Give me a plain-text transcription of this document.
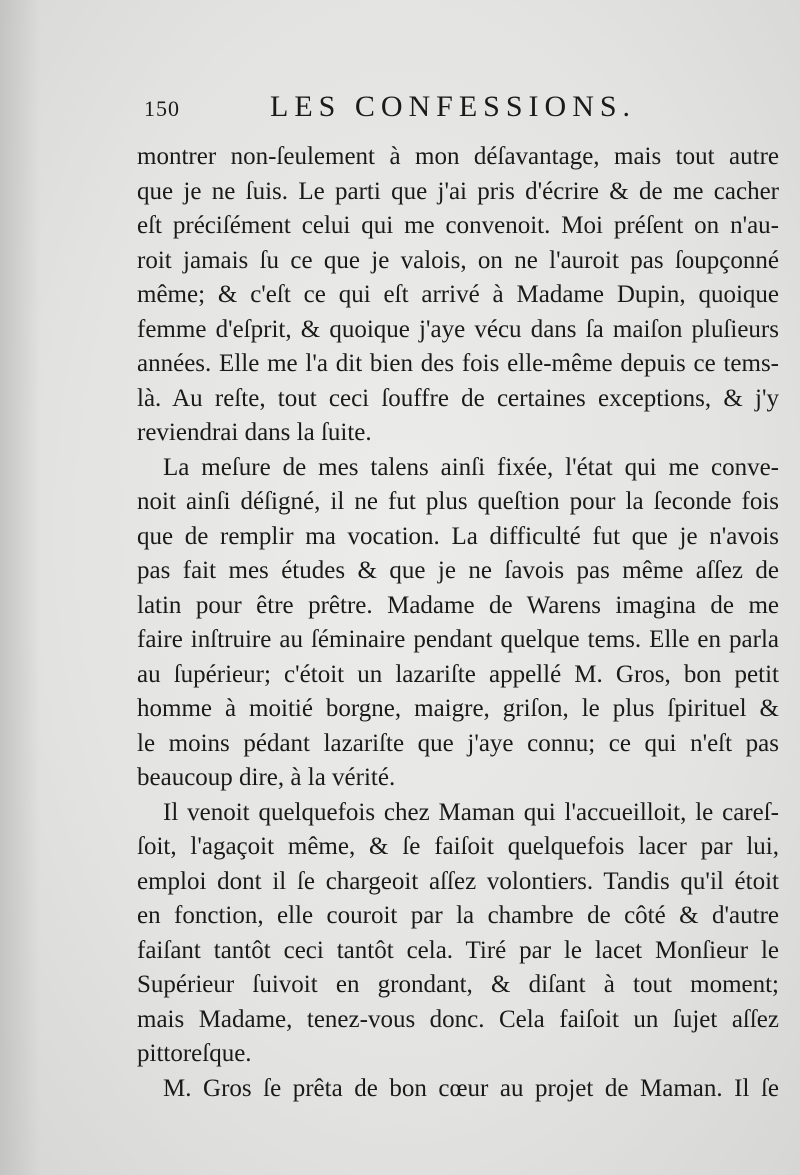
150	LES CONFESSIONS.
montrer non-ſeulement à mon déſavantage, mais tout autre
que je ne ſuis. Le parti que j'ai pris d'écrire & de me cacher
eſt préciſément celui qui me convenoit. Moi préſent on n'au-
roit jamais ſu ce que je valois, on ne l'auroit pas ſoupçonné
même; & c'eſt ce qui eſt arrivé à Madame Dupin, quoique
femme d'eſprit, & quoique j'aye vécu dans ſa maiſon pluſieurs
années. Elle me l'a dit bien des fois elle-même depuis ce tems-
là. Au reſte, tout ceci ſouffre de certaines exceptions, & j'y
reviendrai dans la ſuite.
La meſure de mes talens ainſi fixée, l'état qui me conve-
noit ainſi déſigné, il ne fut plus queſtion pour la ſeconde fois
que de remplir ma vocation. La difficulté fut que je n'avois
pas fait mes études & que je ne ſavois pas même aſſez de
latin pour être prêtre. Madame de Warens imagina de me
faire inſtruire au ſéminaire pendant quelque tems. Elle en parla
au ſupérieur; c'étoit un lazariſte appellé M. Gros, bon petit
homme à moitié borgne, maigre, griſon, le plus ſpirituel &
le moins pédant lazariſte que j'aye connu; ce qui n'eſt pas
beaucoup dire, à la vérité.
Il venoit quelquefois chez Maman qui l'accueilloit, le careſ-
ſoit, l'agaçoit même, & ſe faiſoit quelquefois lacer par lui,
emploi dont il ſe chargeoit aſſez volontiers. Tandis qu'il étoit
en fonction, elle couroit par la chambre de côté & d'autre
faiſant tantôt ceci tantôt cela. Tiré par le lacet Monſieur le
Supérieur ſuivoit en grondant, & diſant à tout moment;
mais Madame, tenez-vous donc. Cela faiſoit un ſujet aſſez
pittoreſque.
M. Gros ſe prêta de bon cœur au projet de Maman. Il ſe
